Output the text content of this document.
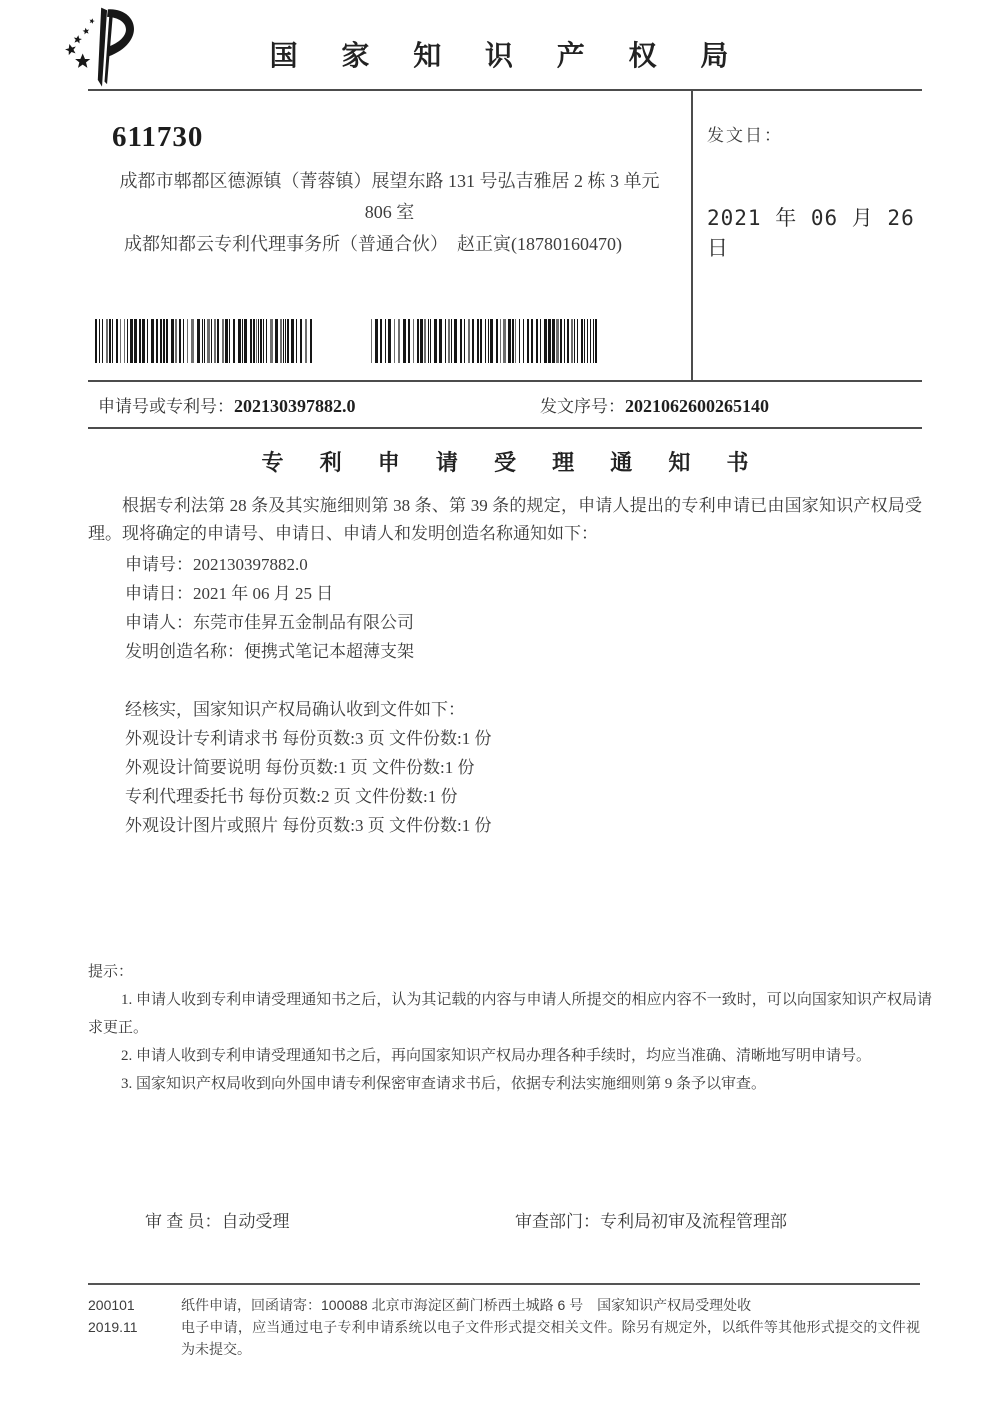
国 家 知 识 产 权 局
611730
成都市郫都区德源镇（菁蓉镇）展望东路 131 号弘吉雅居 2 栋 3 单元
806 室
成都知都云专利代理事务所（普通合伙）　赵正寅(18780160470)
发文日：
2021 年 06 月 26 日
申请号或专利号：202130397882.0	发文序号：2021062600265140
专 利 申 请 受 理 通 知 书

根据专利法第 28 条及其实施细则第 38 条、第 39 条的规定，申请人提出的专利申请已由国家知识产权局受理。现将确定的申请号、申请日、申请人和发明创造名称通知如下：

申请号：202130397882.0
申请日：2021 年 06 月 25 日
申请人：东莞市佳昇五金制品有限公司
发明创造名称：便携式笔记本超薄支架
经核实，国家知识产权局确认收到文件如下：
外观设计专利请求书 每份页数:3 页 文件份数:1 份
外观设计简要说明 每份页数:1 页 文件份数:1 份
专利代理委托书 每份页数:2 页 文件份数:1 份
外观设计图片或照片 每份页数:3 页 文件份数:1 份

提示：

1. 申请人收到专利申请受理通知书之后，认为其记载的内容与申请人所提交的相应内容不一致时，可以向国家知识产权局请求更正。

2. 申请人收到专利申请受理通知书之后，再向国家知识产权局办理各种手续时，均应当准确、清晰地写明申请号。

3. 国家知识产权局收到向外国申请专利保密审查请求书后，依据专利法实施细则第 9 条予以审查。

审 查 员：自动受理	审查部门：专利局初审及流程管理部
200101
2019.11
纸件申请，回函请寄：100088 北京市海淀区蓟门桥西土城路 6 号　国家知识产权局受理处收
电子申请，应当通过电子专利申请系统以电子文件形式提交相关文件。除另有规定外，以纸件等其他形式提交的文件视为未提交。
